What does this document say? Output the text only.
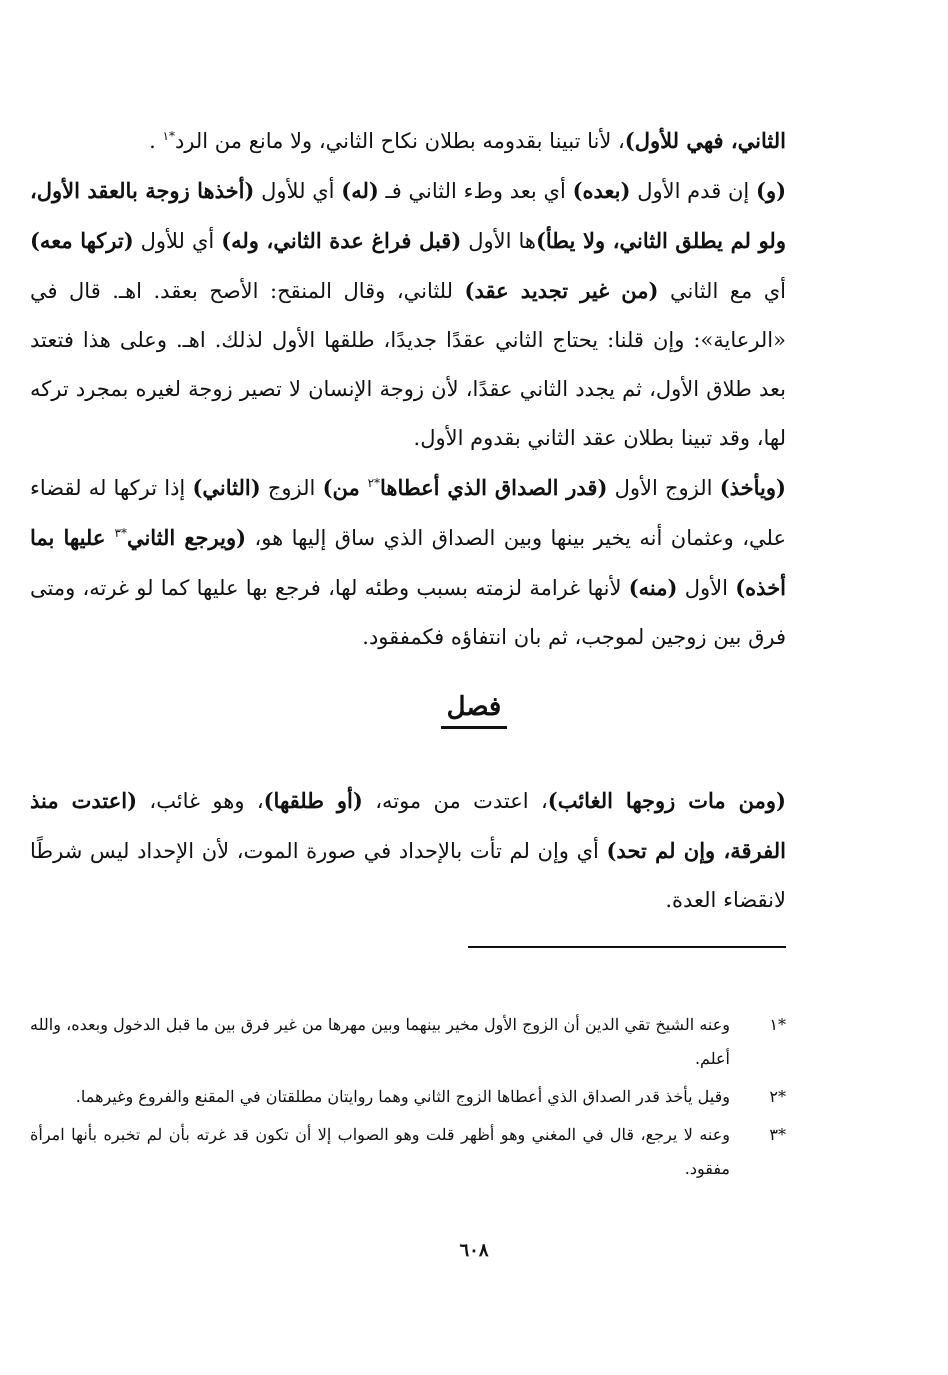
الثاني، فهي للأول)، لأنا تبينا بقدومه بطلان نكاح الثاني، ولا مانع من الرد$^{*١}$ .

(و) إن قدم الأول (بعده) أي بعد وطء الثاني فـ (له) أي للأول (أخذها زوجة بالعقد الأول، ولو لم يطلق الثاني، ولا يطأ)ها الأول (قبل فراغ عدة الثاني، وله) أي للأول (تركها معه) أي مع الثاني (من غير تجديد عقد) للثاني، وقال المنقح: الأصح بعقد. اهـ. قال في «الرعاية»: وإن قلنا: يحتاج الثاني عقدًا جديدًا، طلقها الأول لذلك. اهـ. وعلى هذا فتعتد بعد طلاق الأول، ثم يجدد الثاني عقدًا، لأن زوجة الإنسان لا تصير زوجة لغيره بمجرد تركه لها، وقد تبينا بطلان عقد الثاني بقدوم الأول.

(ويأخذ) الزوج الأول (قدر الصداق الذي أعطاها$^{*٢}$ من) الزوج (الثاني) إذا تركها له لقضاء علي، وعثمان أنه يخير بينها وبين الصداق الذي ساق إليها هو، (ويرجع الثاني$^{*٣}$ عليها بما أخذه) الأول (منه) لأنها غرامة لزمته بسبب وطئه لها، فرجع بها عليها كما لو غرته، ومتى فرق بين زوجين لموجب، ثم بان انتفاؤه فكمفقود.

فصل

(ومن مات زوجها الغائب)، اعتدت من موته، (أو طلقها)، وهو غائب، (اعتدت منذ الفرقة، وإن لم تحد) أي وإن لم تأت بالإحداد في صورة الموت، لأن الإحداد ليس شرطًا لانقضاء العدة.

*١
وعنه الشيخ تقي الدين أن الزوج الأول مخير بينهما وبين مهرها من غير فرق بين ما قبل الدخول وبعده، والله أعلم.
*٢
وقيل يأخذ قدر الصداق الذي أعطاها الزوج الثاني وهما روايتان مطلقتان في المقنع والفروع وغيرهما.
*٣
وعنه لا يرجع، قال في المغني وهو أظهر قلت وهو الصواب إلا أن تكون قد غرته بأن لم تخبره بأنها امرأة مفقود.
٦٠٨
